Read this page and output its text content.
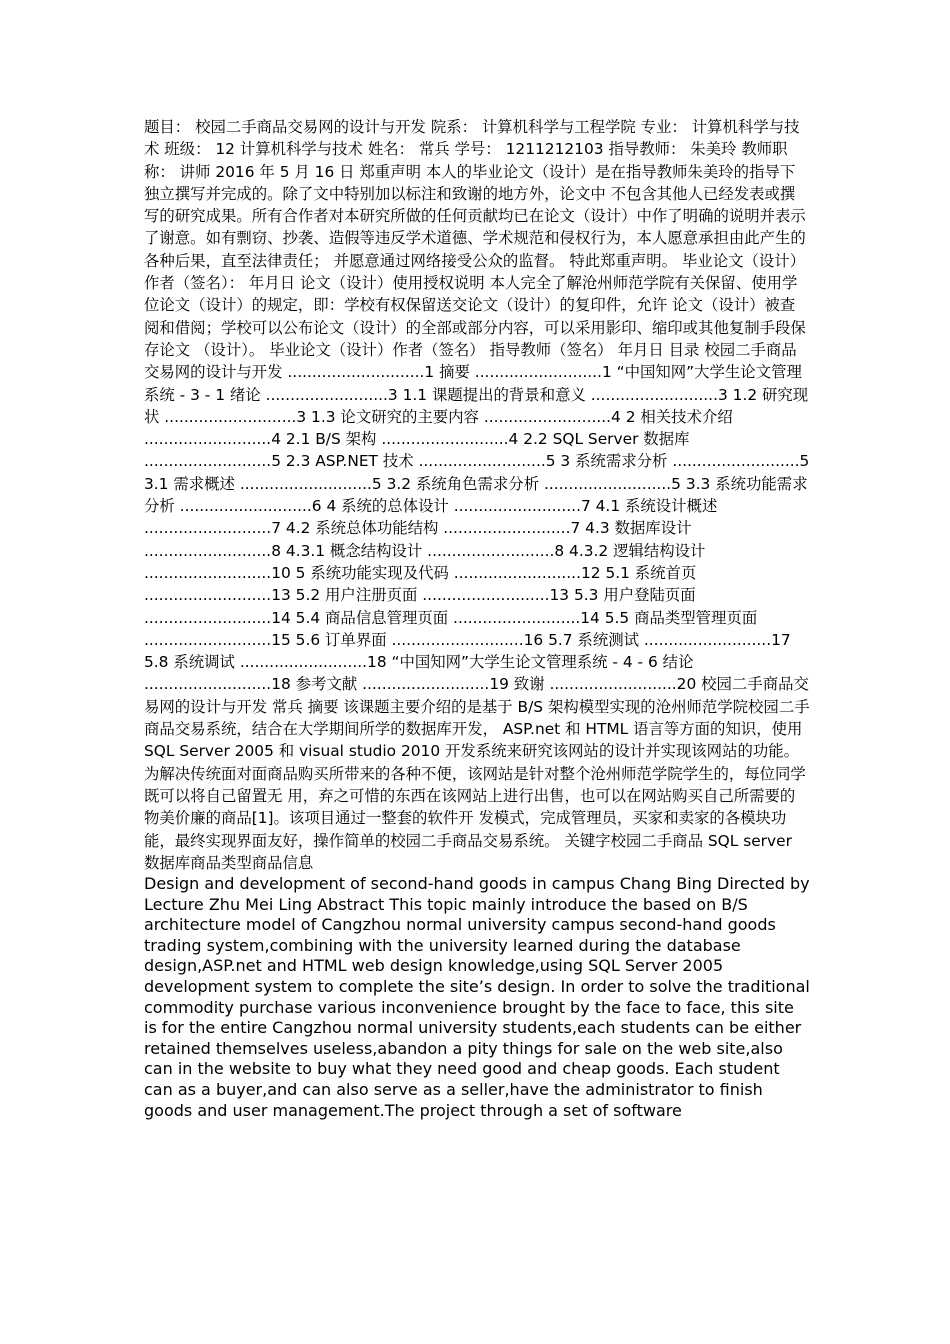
题目： 校园二手商品交易网的设计与开发 院系： 计算机科学与工程学院 专业： 计算机科学与技术 班级： 12 计算机科学与技术 姓名： 常兵 学号： 1211212103 指导教师： 朱美玲 教师职称： 讲师 2016 年 5 月 16 日 郑重声明 本人的毕业论文（设计）是在指导教师朱美玲的指导下独立撰写并完成的。除了文中特别加以标注和致谢的地方外，论文中 不包含其他人已经发表或撰写的研究成果。所有合作者对本研究所做的任何贡献均已在论文（设计）中作了明确的说明并表示 了谢意。如有剽窃、抄袭、造假等违反学术道德、学术规范和侵权行为，本人愿意承担由此产生的各种后果，直至法律责任； 并愿意通过网络接受公众的监督。 特此郑重声明。 毕业论文（设计）作者（签名）： 年月日 论文（设计）使用授权说明 本人完全了解沧州师范学院有关保留、使用学位论文（设计）的规定，即：学校有权保留送交论文（设计）的复印件，允许 论文（设计）被查阅和借阅；学校可以公布论文（设计）的全部或部分内容，可以采用影印、缩印或其他复制手段保存论文 （设计）。 毕业论文（设计）作者（签名） 指导教师（签名） 年月日 目录 校园二手商品交易网的设计与开发 ............................1 摘要 ..........................1 “中国知网”大学生论文管理系统 - 3 - 1 绪论 .........................3 1.1 课题提出的背景和意义 ..........................3 1.2 研究现状 ...........................3 1.3 论文研究的主要内容 ..........................4 2 相关技术介绍 ..........................4 2.1 B/S 架构 ..........................4 2.2 SQL Server 数据库 ..........................5 2.3 ASP.NET 技术 ..........................5 3 系统需求分析 ..........................5 3.1 需求概述 ...........................5 3.2 系统角色需求分析 ..........................5 3.3 系统功能需求分析 ...........................6 4 系统的总体设计 ..........................7 4.1 系统设计概述 ..........................7 4.2 系统总体功能结构 ..........................7 4.3 数据库设计 ..........................8 4.3.1 概念结构设计 ..........................8 4.3.2 逻辑结构设计 ..........................10 5 系统功能实现及代码 ..........................12 5.1 系统首页 ..........................13 5.2 用户注册页面 ..........................13 5.3 用户登陆页面 ..........................14 5.4 商品信息管理页面 ..........................14 5.5 商品类型管理页面 ..........................15 5.6 订单界面 ...........................16 5.7 系统测试 ..........................17 5.8 系统调试 ..........................18 “中国知网”大学生论文管理系统 - 4 - 6 结论 ..........................18 参考文献 ..........................19 致谢 ..........................20 校园二手商品交易网的设计与开发 常兵 摘要 该课题主要介绍的是基于 B/S 架构模型实现的沧州师范学院校园二手商品交易系统，结合在大学期间所学的数据库开发， ASP.net 和 HTML 语言等方面的知识，使用 SQL Server 2005 和 visual studio 2010 开发系统来研究该网站的设计并实现该网站的功能。为解决传统面对面商品购买所带来的各种不便，该网站是针对整个沧州师范学院学生的，每位同学既可以将自己留置无 用，弃之可惜的东西在该网站上进行出售，也可以在网站购买自己所需要的物美价廉的商品[1]。该项目通过一整套的软件开 发模式，完成管理员，买家和卖家的各模块功能，最终实现界面友好，操作简单的校园二手商品交易系统。 关键字校园二手商品 SQL server 数据库商品类型商品信息

Design and development of second-hand goods in campus Chang Bing Directed by Lecture Zhu Mei Ling Abstract This topic mainly introduce the based on B/S architecture model of Cangzhou normal university campus second-hand goods trading system,combining with the university learned during the database design,ASP.net and HTML web design knowledge,using SQL Server 2005 development system to complete the site’s design. In order to solve the traditional commodity purchase various inconvenience brought by the face to face, this site is for the entire Cangzhou normal university students,each students can be either retained themselves useless,abandon a pity things for sale on the web site,also can in the website to buy what they need good and cheap goods. Each student can as a buyer,and can also serve as a seller,have the administrator to finish goods and user management.The project through a set of software
